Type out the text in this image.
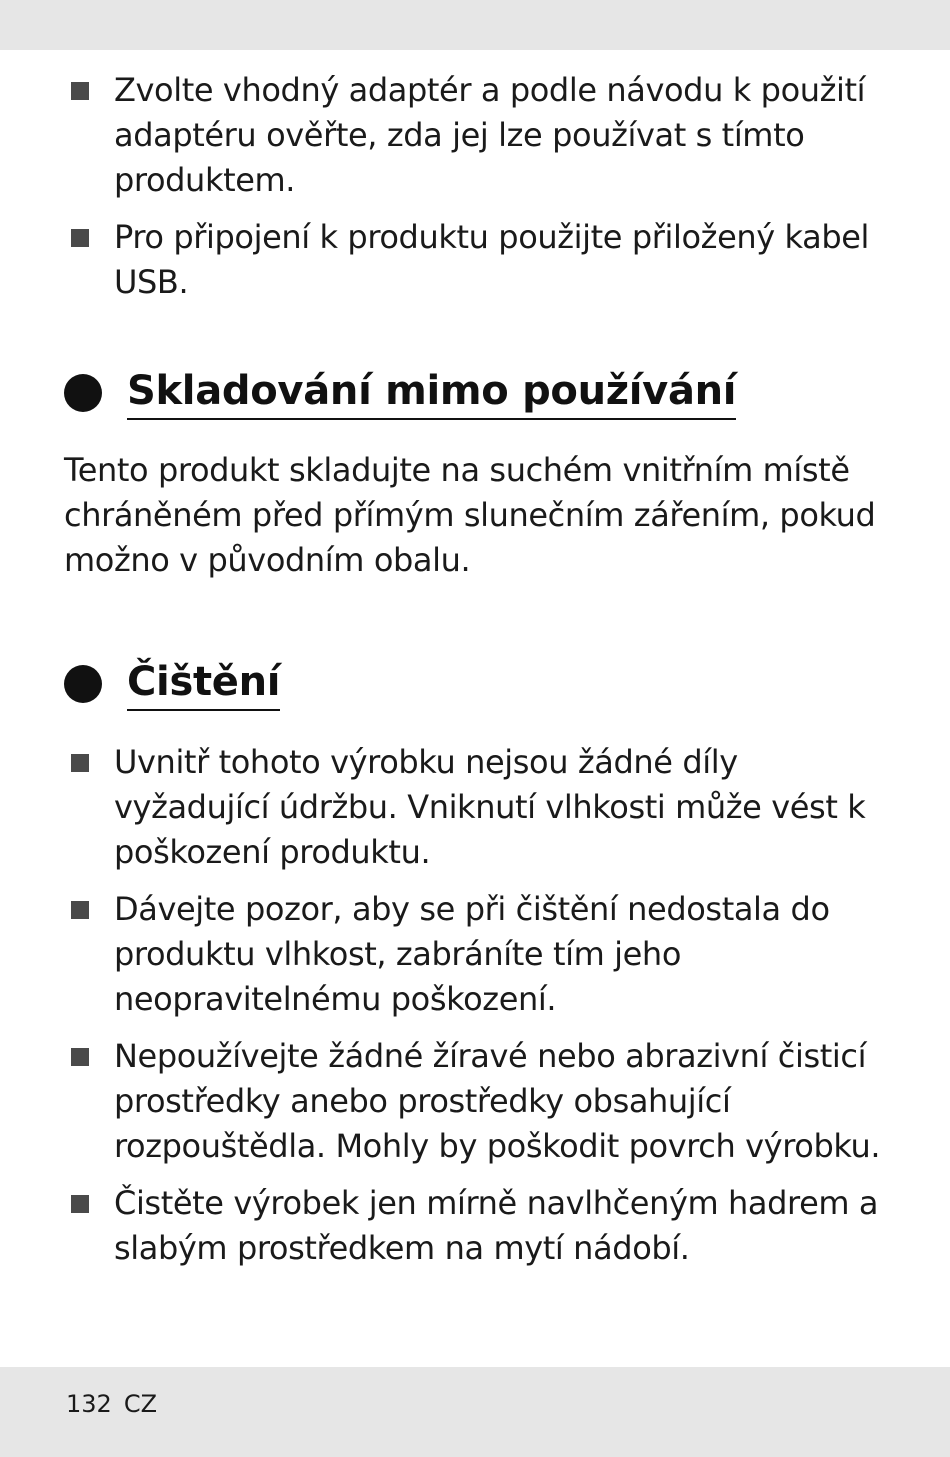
Zvolte vhodný adaptér a podle návodu k použití adaptéru ověřte, zda jej lze používat s tímto produktem.
Pro připojení k produktu použijte přiložený kabel USB.
Skladování mimo používání

Tento produkt skladujte na suchém vnitřním místě chráněném před přímým slunečním zářením, pokud možno v původním obalu.

Čištění
Uvnitř tohoto výrobku nejsou žádné díly vyžadující údržbu. Vniknutí vlhkosti může vést k poškození produktu.
Dávejte pozor, aby se při čištění nedostala do produktu vlhkost, zabráníte tím jeho neopravitelnému poškození.
Nepoužívejte žádné žíravé nebo abrazivní čisticí prostředky anebo prostředky obsahující rozpouštědla. Mohly by poškodit povrch výrobku.
Čistěte výrobek jen mírně navlhčeným hadrem a slabým prostředkem na mytí nádobí.
132 CZ
